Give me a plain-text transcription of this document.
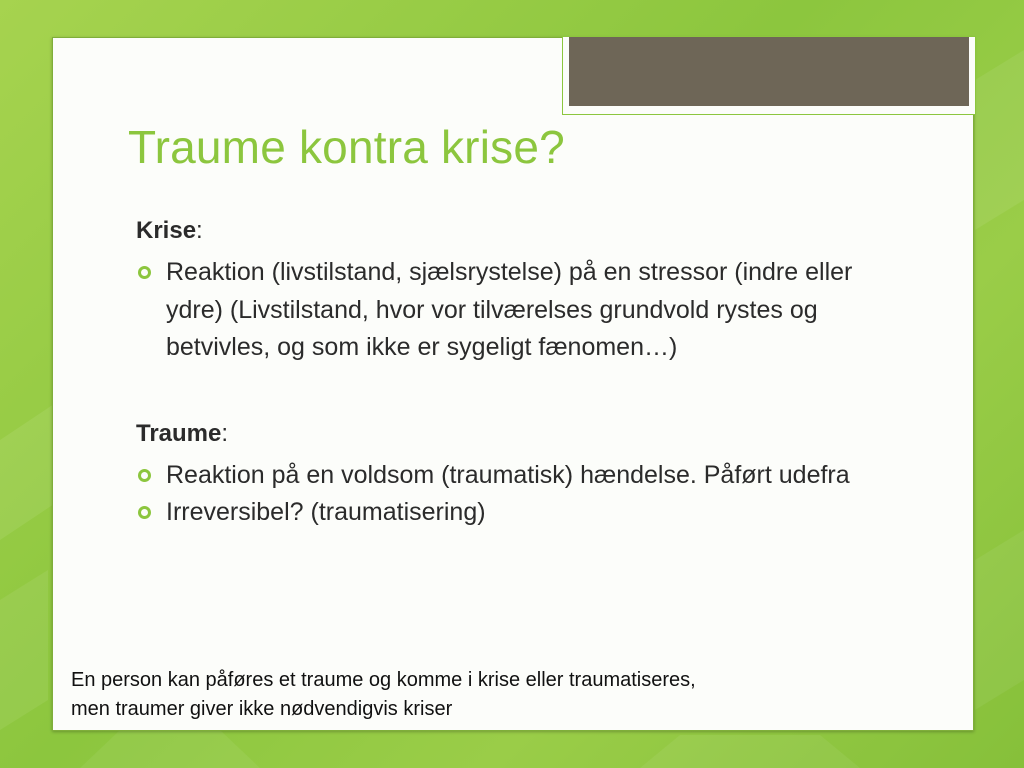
Traume kontra krise?
Krise:
Reaktion (livstilstand, sjælsrystelse) på en stressor (indre eller ydre) (Livstilstand, hvor vor tilværelses grundvold rystes og betvivles, og som ikke er sygeligt fænomen…)
Traume:
Reaktion på en voldsom (traumatisk) hændelse. Påført udefra
Irreversibel? (traumatisering)
En person kan påføres et traume og komme i krise eller traumatiseres,
men traumer giver ikke nødvendigvis kriser
